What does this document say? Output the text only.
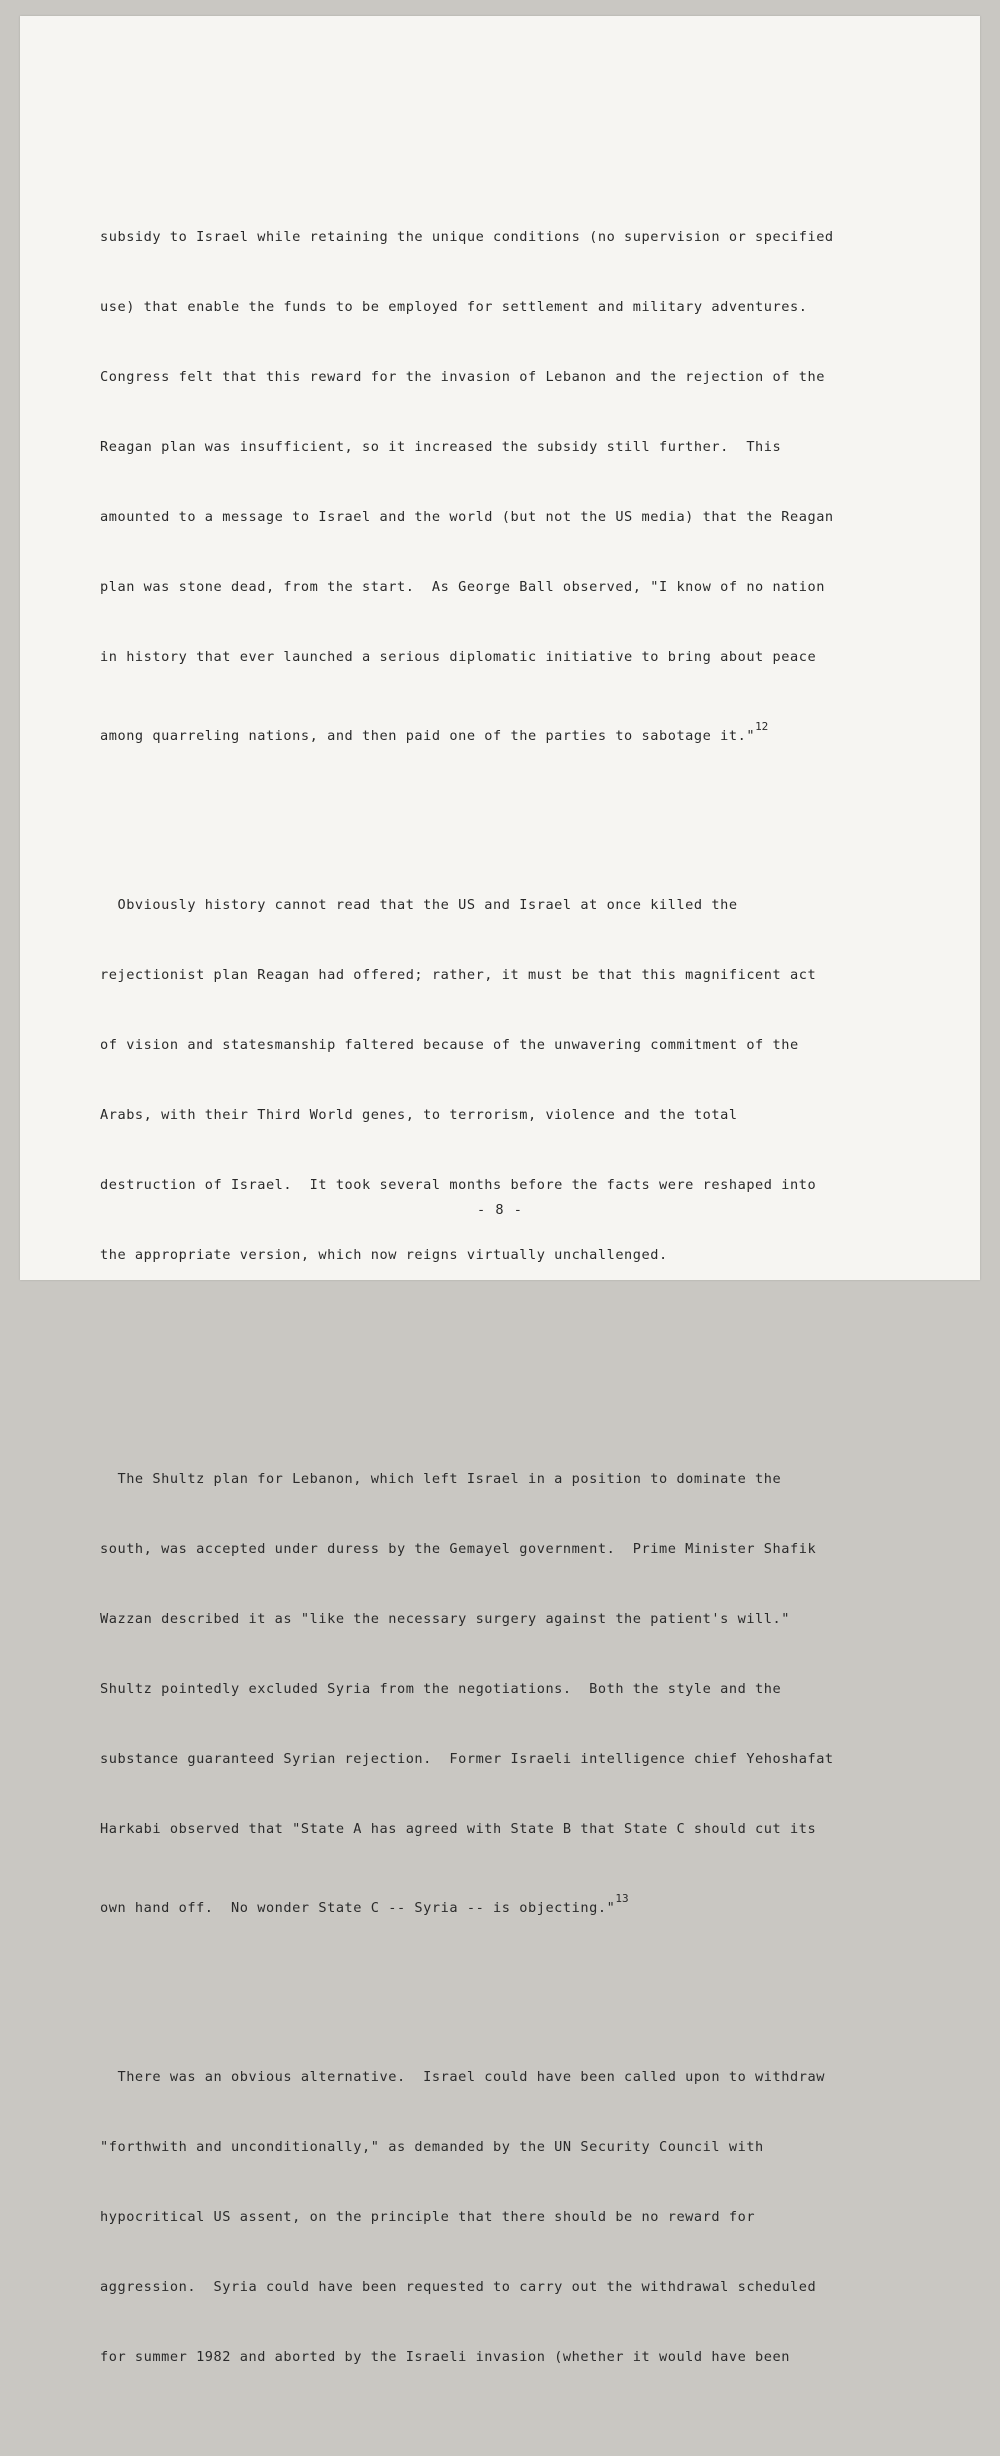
subsidy to Israel while retaining the unique conditions (no supervision or specified

use) that enable the funds to be employed for settlement and military adventures.

Congress felt that this reward for the invasion of Lebanon and the rejection of the

Reagan plan was insufficient, so it increased the subsidy still further.  This

amounted to a message to Israel and the world (but not the US media) that the Reagan

plan was stone dead, from the start.  As George Ball observed, "I know of no nation

in history that ever launched a serious diplomatic initiative to bring about peace

among quarreling nations, and then paid one of the parties to sabotage it."$^{12}$

Obviously history cannot read that the US and Israel at once killed the

rejectionist plan Reagan had offered; rather, it must be that this magnificent act

of vision and statesmanship faltered because of the unwavering commitment of the

Arabs, with their Third World genes, to terrorism, violence and the total

destruction of Israel.  It took several months before the facts were reshaped into

the appropriate version, which now reigns virtually unchallenged.

The Shultz plan for Lebanon, which left Israel in a position to dominate the

south, was accepted under duress by the Gemayel government.  Prime Minister Shafik

Wazzan described it as "like the necessary surgery against the patient's will."

Shultz pointedly excluded Syria from the negotiations.  Both the style and the

substance guaranteed Syrian rejection.  Former Israeli intelligence chief Yehoshafat

Harkabi observed that "State A has agreed with State B that State C should cut its

own hand off.  No wonder State C -- Syria -- is objecting."$^{13}$

There was an obvious alternative.  Israel could have been called upon to withdraw

"forthwith and unconditionally," as demanded by the UN Security Council with

hypocritical US assent, on the principle that there should be no reward for

aggression.  Syria could have been requested to carry out the withdrawal scheduled

for summer 1982 and aborted by the Israeli invasion (whether it would have been

- 8 -
